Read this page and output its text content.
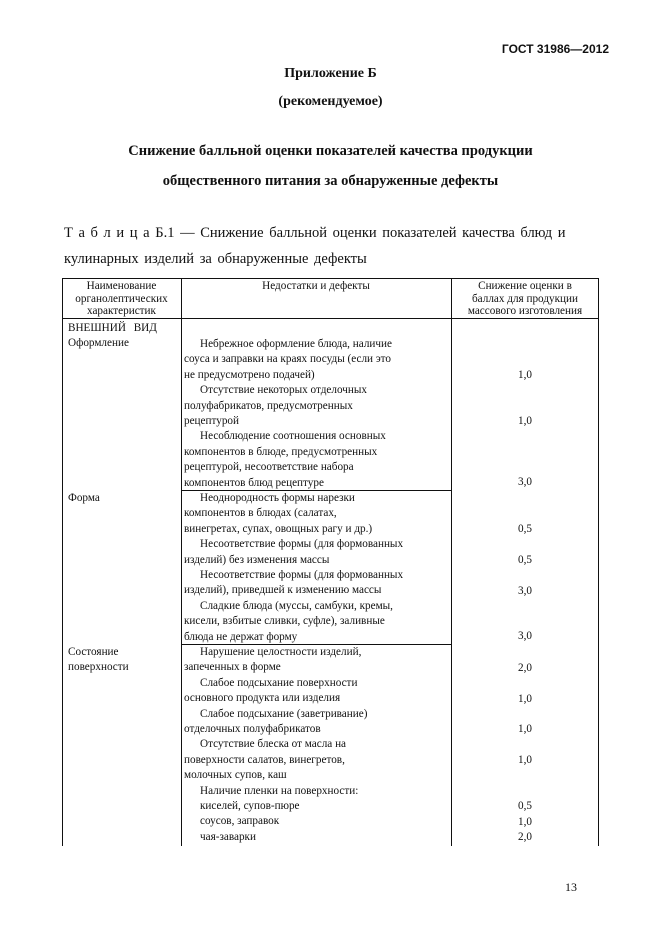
ГОСТ 31986—2012
Приложение Б
(рекомендуемое)
Снижение балльной оценки показателей качества продукции
общественного питания за обнаруженные дефекты
Т а б л и ц а Б.1 — Снижение балльной оценки показателей качества блюд и
кулинарных изделий за обнаруженные дефекты
Наименование
органолептических
характеристик
Недостатки и дефекты	Снижение оценки в
баллах для продукции
массового изготовления
ВНЕШНИЙ ВИД
Оформление
Форма
Состояние
поверхности
Небрежное оформление блюда, наличие
соуса и заправки на краях посуды (если это
не предусмотрено подачей)
Отсутствие некоторых отделочных
полуфабрикатов, предусмотренных
рецептурой
Несоблюдение соотношения основных
компонентов в блюде, предусмотренных
рецептурой, несоответствие набора
компонентов блюд рецептуре
1,0
1,0
3,0
Неоднородность формы нарезки
компонентов в блюдах (салатах,
винегретах, супах, овощных рагу и др.)
Несоответствие формы (для формованных
изделий) без изменения массы
Несоответствие формы (для формованных
изделий), приведшей к изменению массы
Сладкие блюда (муссы, самбуки, кремы,
кисели, взбитые сливки, суфле), заливные
блюда не держат форму
0,5
0,5
3,0
3,0
Нарушение целостности изделий,
запеченных в форме
Слабое подсыхание поверхности
основного продукта или изделия
Слабое подсыхание (заветривание)
отделочных полуфабрикатов
Отсутствие блеска от масла на
поверхности салатов, винегретов,
молочных супов, каш
Наличие пленки на поверхности:
киселей, супов-пюре
соусов, заправок
чая-заварки
2,0
1,0
1,0
1,0
0,5
1,0
2,0
13
